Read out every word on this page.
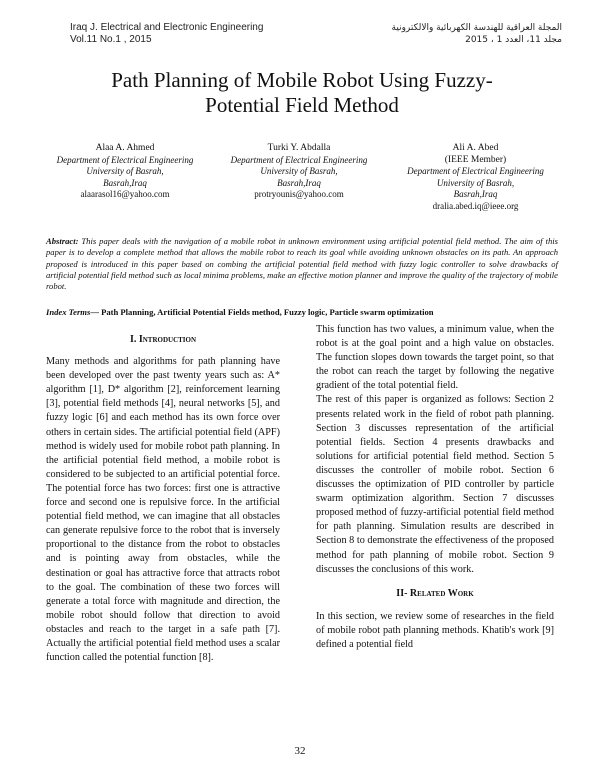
Iraq J. Electrical and Electronic Engineering
Vol.11 No.1 , 2015
المجلة العراقية للهندسة الكهربائية والالكترونية
مجلد 11، العدد 1 ، 2015
Path Planning of Mobile Robot Using Fuzzy-
Potential Field Method
Alaa A. Ahmed
Department of Electrical Engineering
University of Basrah,
Basrah,Iraq
alaarasol16@yahoo.com
Turki Y. Abdalla
Department of Electrical Engineering
University of Basrah,
Basrah,Iraq
protryounis@yahoo.com
Ali A. Abed
(IEEE Member)
Department of Electrical Engineering
University of Basrah,
Basrah,Iraq
dralia.abed.iq@ieee.org
Abstract: This paper deals with the navigation of a mobile robot in unknown environment using artificial potential field method. The aim of this paper is to develop a complete method that allows the mobile robot to reach its goal while avoiding unknown obstacles on its path. An approach proposed is introduced in this paper based on combing the artificial potential field method with fuzzy logic controller to solve drawbacks of artificial potential field method such as local minima problems, make an effective motion planner and improve the quality of the trajectory of mobile robot.
Index Terms— Path Planning, Artificial Potential Fields method, Fuzzy logic, Particle swarm optimization

I. Introduction

Many methods and algorithms for path planning have been developed over the past twenty years such as: A* algorithm [1], D* algorithm [2], reinforcement learning [3], potential field methods [4], neural networks [5], and fuzzy logic [6] and each method has its own force over others in certain sides. The artificial potential field (APF) method is widely used for mobile robot path planning. In the artificial potential field method, a mobile robot is considered to be subjected to an artificial potential force. The potential force has two forces: first one is attractive force and second one is repulsive force. In the artificial potential field method, we can imagine that all obstacles can generate repulsive force to the robot that is inversely proportional to the distance from the robot to obstacles and is pointing away from obstacles, while the destination or goal has attractive force that attracts robot to the goal. The combination of these two forces will generate a total force with magnitude and direction, the mobile robot should follow that direction to avoid obstacles and reach to the target in a safe path [7]. Actually the artificial potential field method uses a scalar function called the potential function [8].

This function has two values, a minimum value, when the robot is at the goal point and a high value on obstacles. The function slopes down towards the target point, so that the robot can reach the target by following the negative gradient of the total potential field.

The rest of this paper is organized as follows: Section 2 presents related work in the field of robot path planning. Section 3 discusses representation of the artificial potential fields. Section 4 presents drawbacks and solutions for artificial potential field method. Section 5 discusses the controller of mobile robot. Section 6 discusses the optimization of PID controller by particle swarm optimization algorithm. Section 7 discusses proposed method of fuzzy-artificial potential field method for path planning. Simulation results are described in Section 8 to demonstrate the effectiveness of the proposed method for path planning of mobile robot. Section 9 discusses the conclusions of this work.

II- Related Work

In this section, we review some of researches in the field of mobile robot path planning methods. Khatib's work [9] defined a potential field

32
